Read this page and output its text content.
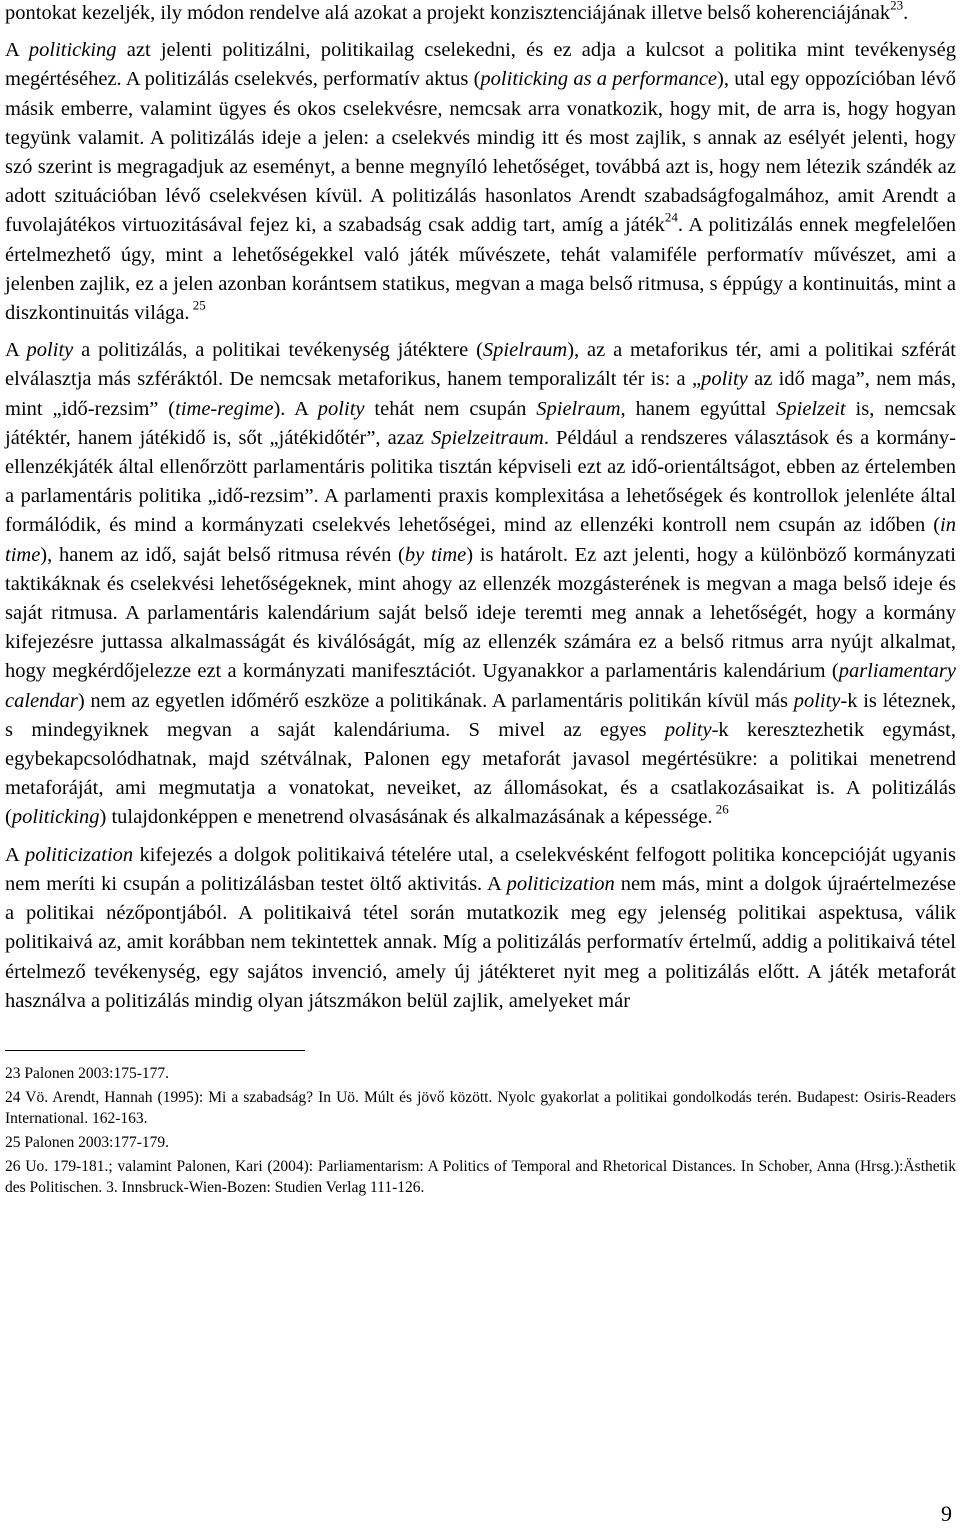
pontokat kezeljék, ily módon rendelve alá azokat a projekt konzisztenciájának illetve belső koherenciájának$^{23}$.

A politicking azt jelenti politizálni, politikailag cselekedni, és ez adja a kulcsot a politika mint tevékenység megértéséhez. A politizálás cselekvés, performatív aktus (politicking as a performance), utal egy oppozícióban lévő másik emberre, valamint ügyes és okos cselekvésre, nemcsak arra vonatkozik, hogy mit, de arra is, hogy hogyan tegyünk valamit. A politizálás ideje a jelen: a cselekvés mindig itt és most zajlik, s annak az esélyét jelenti, hogy szó szerint is megragadjuk az eseményt, a benne megnyíló lehetőséget, továbbá azt is, hogy nem létezik szándék az adott szituációban lévő cselekvésen kívül. A politizálás hasonlatos Arendt szabadságfogalmához, amit Arendt a fuvolajátékos virtuozitásával fejez ki, a szabadság csak addig tart, amíg a játék$^{24}$. A politizálás ennek megfelelően értelmezhető úgy, mint a lehetőségekkel való játék művészete, tehát valamiféle performatív művészet, ami a jelenben zajlik, ez a jelen azonban korántsem statikus, megvan a maga belső ritmusa, s éppúgy a kontinuitás, mint a diszkontinuitás világa. $^{25}$

A polity a politizálás, a politikai tevékenység játéktere (Spielraum), az a metaforikus tér, ami a politikai szférát elválasztja más szféráktól. De nemcsak metaforikus, hanem temporalizált tér is: a „polity az idő maga”, nem más, mint „idő-rezsim” (time-regime). A polity tehát nem csupán Spielraum, hanem egyúttal Spielzeit is, nemcsak játéktér, hanem játékidő is, sőt „játékidőtér”, azaz Spielzeitraum. Például a rendszeres választások és a kormány-ellenzékjáték által ellenőrzött parlamentáris politika tisztán képviseli ezt az idő-orientáltságot, ebben az értelemben a parlamentáris politika „idő-rezsim”. A parlamenti praxis komplexitása a lehetőségek és kontrollok jelenléte által formálódik, és mind a kormányzati cselekvés lehetőségei, mind az ellenzéki kontroll nem csupán az időben (in time), hanem az idő, saját belső ritmusa révén (by time) is határolt. Ez azt jelenti, hogy a különböző kormányzati taktikáknak és cselekvési lehetőségeknek, mint ahogy az ellenzék mozgásterének is megvan a maga belső ideje és saját ritmusa. A parlamentáris kalendárium saját belső ideje teremti meg annak a lehetőségét, hogy a kormány kifejezésre juttassa alkalmasságát és kiválóságát, míg az ellenzék számára ez a belső ritmus arra nyújt alkalmat, hogy megkérdőjelezze ezt a kormányzati manifesztációt. Ugyanakkor a parlamentáris kalendárium (parliamentary calendar) nem az egyetlen időmérő eszköze a politikának. A parlamentáris politikán kívül más polity-k is léteznek, s mindegyiknek megvan a saját kalendáriuma. S mivel az egyes polity-k keresztezhetik egymást, egybekapcsolódhatnak, majd szétválnak, Palonen egy metaforát javasol megértésükre: a politikai menetrend metaforáját, ami megmutatja a vonatokat, neveiket, az állomásokat, és a csatlakozásaikat is. A politizálás (politicking) tulajdonképpen e menetrend olvasásának és alkalmazásának a képessége. $^{26}$

A politicization kifejezés a dolgok politikaivá tételére utal, a cselekvésként felfogott politika koncepcióját ugyanis nem meríti ki csupán a politizálásban testet öltő aktivitás. A politicization nem más, mint a dolgok újraértelmezése a politikai nézőpontjából. A politikaivá tétel során mutatkozik meg egy jelenség politikai aspektusa, válik politikaivá az, amit korábban nem tekintettek annak. Míg a politizálás performatív értelmű, addig a politikaivá tétel értelmező tevékenység, egy sajátos invenció, amely új játékteret nyit meg a politizálás előtt. A játék metaforát használva a politizálás mindig olyan játszmákon belül zajlik, amelyeket már

23 Palonen 2003:175-177.
24 Vö. Arendt, Hannah (1995): Mi a szabadság? In Uö. Múlt és jövő között. Nyolc gyakorlat a politikai gondolkodás terén. Budapest: Osiris-Readers International. 162-163.
25 Palonen 2003:177-179.
26 Uo. 179-181.; valamint Palonen, Kari (2004): Parliamentarism: A Politics of Temporal and Rhetorical Distances. In Schober, Anna (Hrsg.):Ästhetik des Politischen. 3. Innsbruck-Wien-Bozen: Studien Verlag 111-126.
9
